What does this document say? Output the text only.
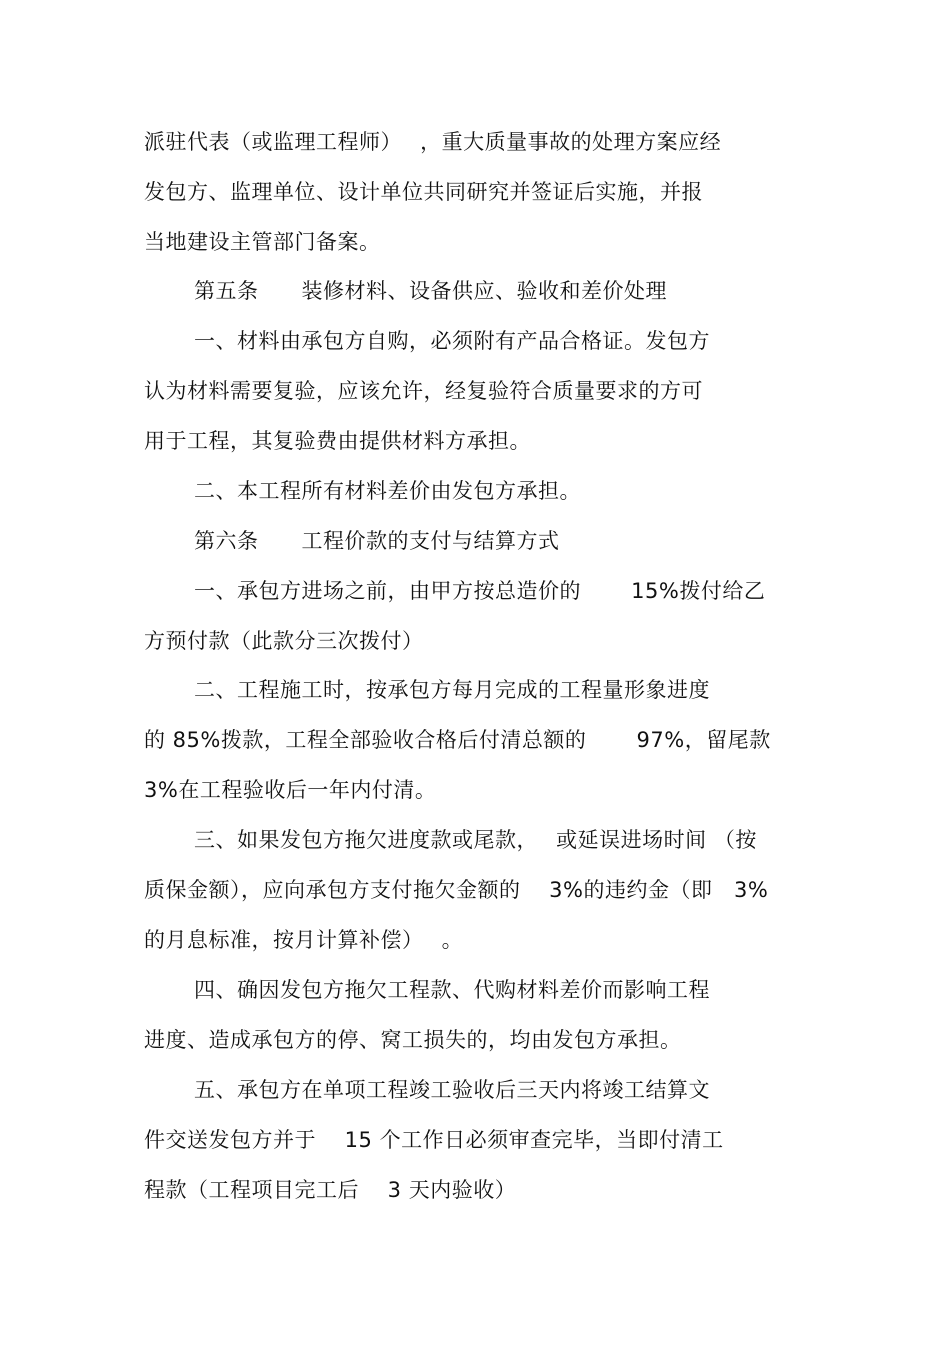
派驻代表（或监理工程师）　 ，重大质量事故的处理方案应经
发包方、监理单位、设计单位共同研究并签证后实施，并报
当地建设主管部门备案。
第五条　　装修材料、设备供应、验收和差价处理
一、材料由承包方自购，必须附有产品合格证。发包方
认为材料需要复验，应该允许，经复验符合质量要求的方可
用于工程，其复验费由提供材料方承担。
二、本工程所有材料差价由发包方承担。
第六条　　工程价款的支付与结算方式
一、承包方进场之前，由甲方按总造价的　　 15%拨付给乙
方预付款（此款分三次拨付）
二、工程施工时，按承包方每月完成的工程量形象进度
的 85%拨款，工程全部验收合格后付清总额的　　 97%，留尾款
3%在工程验收后一年内付清。
三、如果发包方拖欠进度款或尾款，　 或延误进场时间 （按
质保金额），应向承包方支付拖欠金额的　 3%的违约金（即　3%
的月息标准，按月计算补偿）　 。
四、确因发包方拖欠工程款、代购材料差价而影响工程
进度、造成承包方的停、窝工损失的，均由发包方承担。
五、承包方在单项工程竣工验收后三天内将竣工结算文
件交送发包方并于　 15 个工作日必须审查完毕，当即付清工
程款（工程项目完工后　 3 天内验收）
